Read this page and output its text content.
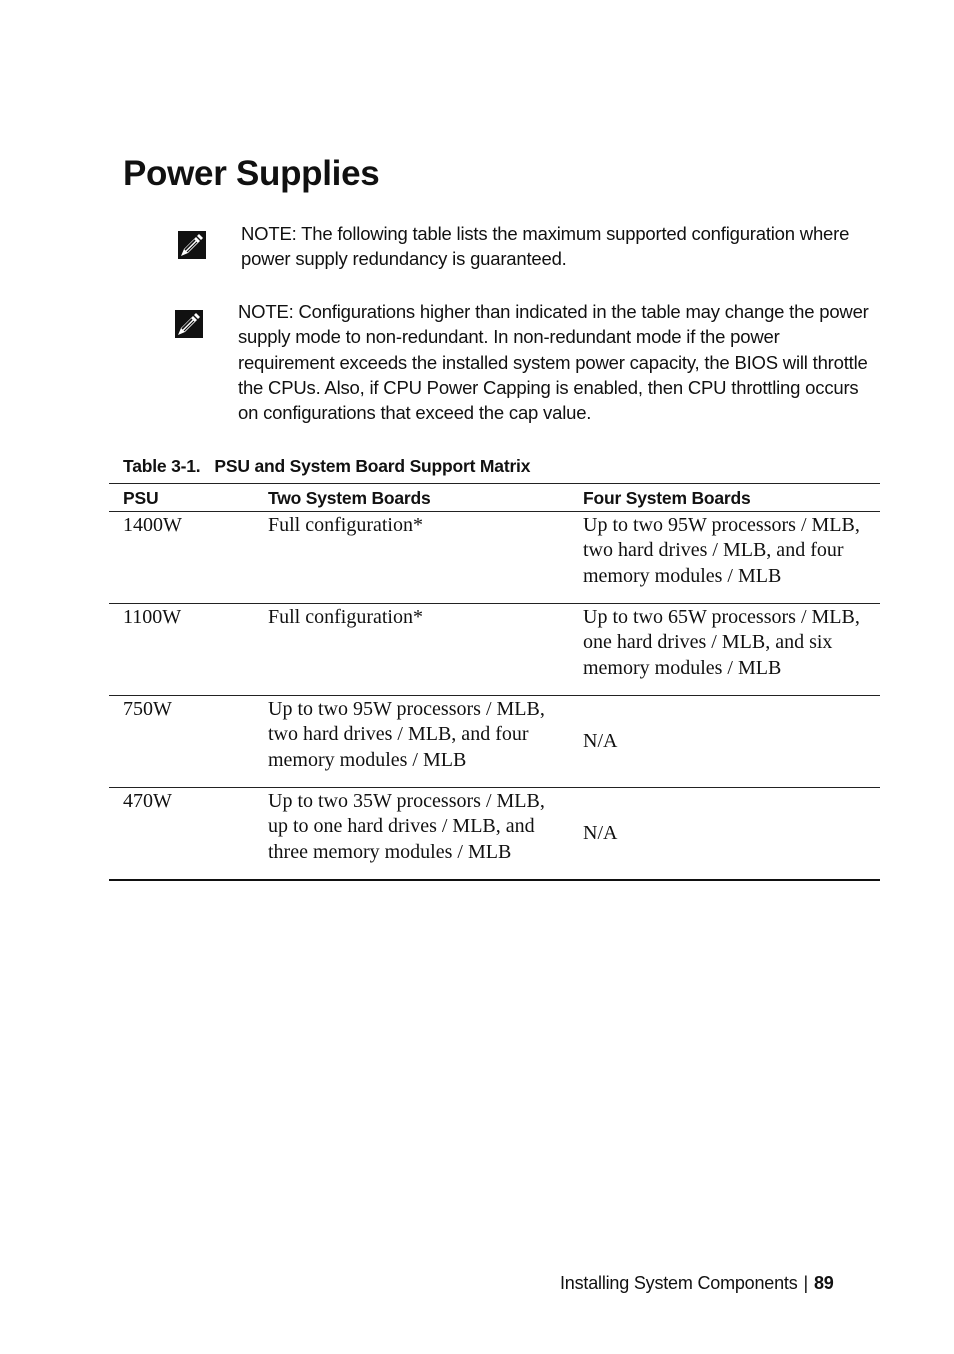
Power Supplies
NOTE: The following table lists the maximum supported configuration where power supply redundancy is guaranteed.
NOTE: Configurations higher than indicated in the table may change the power supply mode to non-redundant. In non-redundant mode if the power requirement exceeds the installed system power capacity, the BIOS will throttle the CPUs. Also, if CPU Power Capping is enabled, then CPU throttling occurs on configurations that exceed the cap value.
Table 3-1.   PSU and System Board Support Matrix
PSU	Two System Boards	Four System Boards
1400W	Full configuration*	Up to two 95W processors / MLB, two hard drives / MLB, and four memory modules / MLB
1100W	Full configuration*	Up to two 65W processors / MLB, one hard drives / MLB, and six memory modules / MLB
750W	Up to two 95W processors / MLB, two hard drives / MLB, and four memory modules / MLB	N/A
470W	Up to two 35W processors / MLB, up to one hard drives / MLB, and three memory modules / MLB	N/A
Installing System Components | 89
